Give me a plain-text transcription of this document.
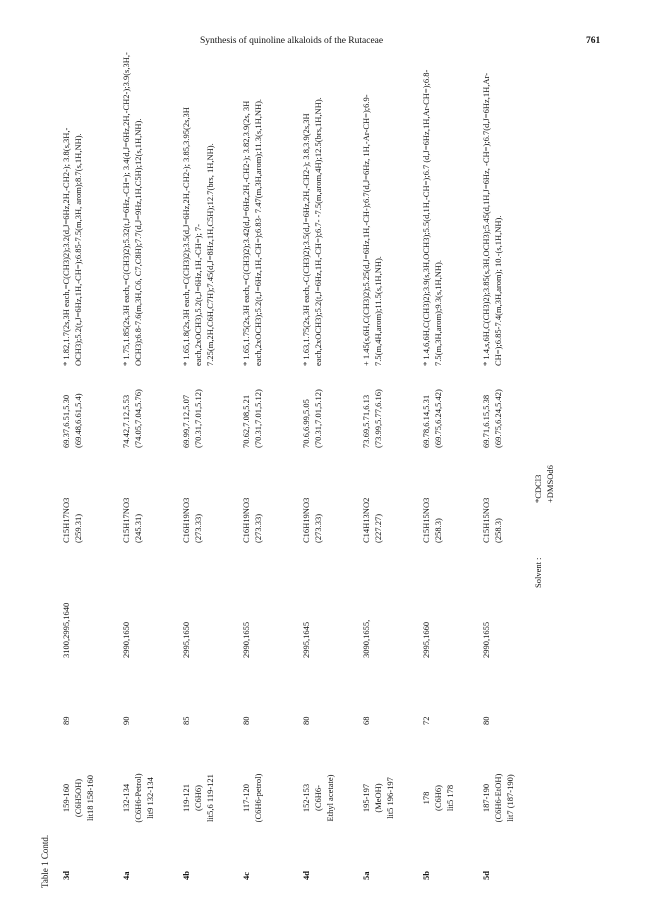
Synthesis of quinoline alkaloids of the Rutaceae	761
Table 1 Contd. 3d
159-160 (C6H5OH) lit18 158-160
89
3100,2995,1640
C15H17NO3 (259.31)
69.37,6.51,5.30 (69.48,6.61,5.4)
* 1.82,1.7(2s,3H each,=C(CH3)2);3.2(d,J=6Hz,2H,-CH2-); 3.8(s,3H,-OCH3);5.2(t,J=6Hz,1H,-CH=);6.85-7.5(m,3H, arom);8.7(s,1H,NH).
4a
132-134 (C6H6-Petrol) lit9 132-134
90
2990,1650
C15H17NO3 (245.31)
74.42,7.12,5.53 (74.05,7.04,5.76)
* 1.75,1.85(2s,3H each,=C(CH3)2);5.32(t,J=6Hz,-CH=); 3.4(d,J=6Hz,2H,-CH2-);3.9(s,3H,-OCH3);6.8-7.6(m,3H,C6, C7,C8H);7.7(d,J=9Hz,1H,C5H);12(s,1H,NH).
4b
119-121 (C6H6) lit5,6 119-121
85
2995,1650
C16H19NO3 (273.33)
69.99,7.12,5.07 (70.31,7.01,5.12)
* 1.65,1.8(2s,3H each,=C(CH3)2);3.5(d,J=6Hz,2H,-CH2-); 3.85,3.95(2s,3H each,2xOCH3),5.2(t,J=6Hz,1H,-CH=); 7-7.25(m,2H,C6H,C7H);7.45(d,J=8Hz,1H,C5H);12.7(brs, 1H,NH).
4c
117-120 (C6H6-petrol)
80
2990,1655
C16H19NO3 (273.33)
70.62,7.08,5.21 (70.31,7.01,5.12)
* 1.65,1.75(2s,3H each,=C(CH3)2);3.42(d,J=6Hz,2H,-CH2-); 3.82,3.9(2s, 3H each,2xOCH3);5.2(t,J=6Hz,1H,-CH=);6.83- 7.47(m,3H,arom);11.3(s,1H,NH).
4d
152-153 (C6H6- Ethyl acetate)
80
2995,1645
C16H19NO3 (273.33)
70.6,6.99,5.05 (70.31,7.01,5.12)
* 1.63,1.75(2s,3H each,-C(CH3)2);3.5(d,J=6Hz,2H,-CH2-); 3.8,3.9(2s,3H each,2xOCH3);5.2(t,J=6Hz,1H,-CH=);6.7- -7.5(m,arom,4H);12.5(brs,1H,NH).
5a
195-197 (MeOH) lit5 196-197
68
3090,1655,
C14H13NO2 (227.27)
73.69,5.71,6.13 (73.99,5.77,6.16)
+ 1.45(s,6H,C(CH3)2);5.25(d,J=6Hz,1H,-CH-);6.7(d,J=6Hz, 1H,-Ar-CH=);6.9-7.5(m,4H,arom);11.5(s,1H,NH).
5b
178 (C6H6) lit5 178
72
2995,1660
C15H15NO3 (258.3)
69.78,6.14,5.31 (69.75,6.24,5.42)
* 1.4,6,6H,C(CH3)2);3.9(s,3H,OCH3);5.5(d,1H,-CH=);6.7 (d,J=6Hz,1H,Ar-CH=);6.8-7.5(m,3H,arom);9.3(s,1H,NH).
5d
187-190 (C6H6-EtOH) lit7 (187-190)
80
2990,1655
C15H15NO3 (258.3)
69.71,6.15,5.38 (69.75,6.24,5.42)
* 1.4,s,6H,C(CH3)2);3.85(s,3H,OCH3);5.45(d,1H,J=6Hz, -CH=);6.7(d,J=6Hz,1H,Ar-CH=);6.85-7.4(m,3H,arom); 10.-(s,1H,NH).
Solvent :
*CDCl3 +DMSOd6
